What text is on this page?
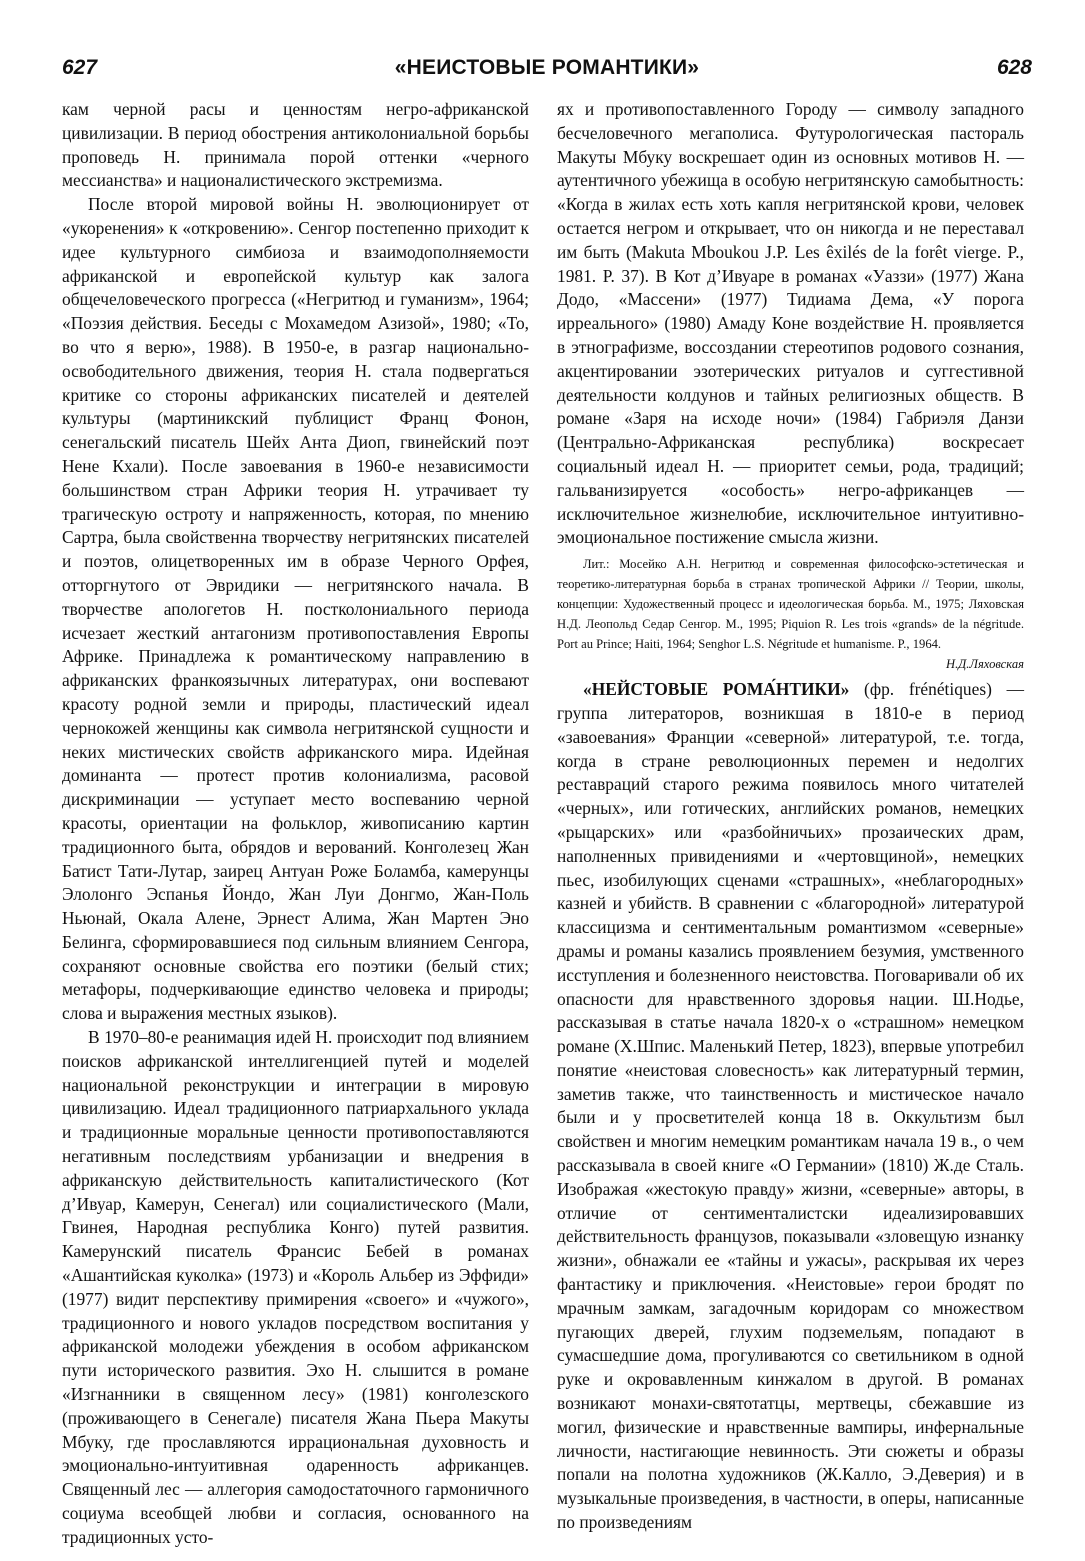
627	«НЕИСТОВЫЕ РОМАНТИКИ»	628

кам черной расы и ценностям негро-африканской цивилизации. В период обострения антиколониальной борьбы проповедь Н. принимала порой оттенки «черного мессианства» и националистического экстремизма.

После второй мировой войны Н. эволюционирует от «укоренения» к «откровению». Сенгор постепенно приходит к идее культурного симбиоза и взаимодополняемости африканской и европейской культур как залога общечеловеческого прогресса («Негритюд и гуманизм», 1964; «Поэзия действия. Беседы с Мохамедом Азизой», 1980; «То, во что я верю», 1988). В 1950-е, в разгар национально-освободительного движения, теория Н. стала подвергаться критике со стороны африканских писателей и деятелей культуры (мартиникский публицист Франц Фонон, сенегальский писатель Шейх Анта Диоп, гвинейский поэт Нене Кхали). После завоевания в 1960-е независимости большинством стран Африки теория Н. утрачивает ту трагическую остроту и напряженность, которая, по мнению Сартра, была свойственна творчеству негритянских писателей и поэтов, олицетворенных им в образе Черного Орфея, отторгнутого от Эвридики — негритянского начала. В творчестве апологетов Н. постколониального периода исчезает жесткий антагонизм противопоставления Европы Африке. Принадлежа к романтическому направлению в африканских франкоязычных литературах, они воспевают красоту родной земли и природы, пластический идеал чернокожей женщины как символа негритянской сущности и неких мистических свойств африканского мира. Идейная доминанта — протест против колониализма, расовой дискриминации — уступает место воспеванию черной красоты, ориентации на фольклор, живописанию картин традиционного быта, обрядов и верований. Конголезец Жан Батист Тати-Лутар, заирец Антуан Роже Боламба, камерунцы Элолонго Эспанья Йондо, Жан Луи Донгмо, Жан-Поль Ньюнай, Окала Алене, Эрнест Алима, Жан Мартен Эно Белинга, сформировавшиеся под сильным влиянием Сенгора, сохраняют основные свойства его поэтики (белый стих; метафоры, подчеркивающие единство человека и природы; слова и выражения местных языков).

В 1970–80-е реанимация идей Н. происходит под влиянием поисков африканской интеллигенцией путей и моделей национальной реконструкции и интеграции в мировую цивилизацию. Идеал традиционного патриархального уклада и традиционные моральные ценности противопоставляются негативным последствиям урбанизации и внедрения в африканскую действительность капиталистического (Кот д’Ивуар, Камерун, Сенегал) или социалистического (Мали, Гвинея, Народная республика Конго) путей развития. Камерунский писатель Франсис Бебей в романах «Ашантийская куколка» (1973) и «Король Альбер из Эффиди» (1977) видит перспективу примирения «своего» и «чужого», традиционного и нового укладов посредством воспитания у африканской молодежи убеждения в особом африканском пути исторического развития. Эхо Н. слышится в романе «Изгнанники в священном лесу» (1981) конголезского (проживающего в Сенегале) писателя Жана Пьера Макуты Мбуку, где прославляются иррациональная духовность и эмоционально-интуитивная одаренность африканцев. Священный лес — аллегория самодостаточного гармоничного социума всеобщей любви и согласия, основанного на традиционных усто-

ях и противопоставленного Городу — символу западного бесчеловечного мегаполиса. Футурологическая пастораль Макуты Мбуку воскрешает один из основных мотивов Н. — аутентичного убежища в особую негритянскую самобытность: «Когда в жилах есть хоть капля негритянской крови, человек остается негром и открывает, что он никогда и не переставал им быть (Makuta Mboukou J.P. Les êxilés de la forêt vierge. P., 1981. P. 37). В Кот д’Ивуаре в романах «Уаззи» (1977) Жана Додо, «Массени» (1977) Тидиама Дема, «У порога ирреального» (1980) Амаду Коне воздействие Н. проявляется в этнографизме, воссоздании стереотипов родового сознания, акцентировании эзотерических ритуалов и суггестивной деятельности колдунов и тайных религиозных обществ. В романе «Заря на исходе ночи» (1984) Габриэля Данзи (Центрально-Африканская республика) воскресает социальный идеал Н. — приоритет семьи, рода, традиций; гальванизируется «особость» негро-африканцев — исключительное жизнелюбие, исключительное интуитивно-эмоциональное постижение смысла жизни.

Лит.: Мосейко А.Н. Негритюд и современная философско-эстетическая и теоретико-литературная борьба в странах тропической Африки // Теории, школы, концепции: Художественный процесс и идеологическая борьба. М., 1975; Ляховская Н.Д. Леопольд Седар Сенгор. М., 1995; Piquion R. Les trois «grands» de la négritude. Port au Prince; Haiti, 1964; Senghor L.S. Négritude et humanisme. P., 1964.
Н.Д.Ляховская

«НЕЙСТОВЫЕ РОМА́НТИКИ» (фр. frénétiques) — группа литераторов, возникшая в 1810-е в период «завоевания» Франции «северной» литературой, т.е. тогда, когда в стране революционных перемен и недолгих реставраций старого режима появилось много читателей «черных», или готических, английских романов, немецких «рыцарских» или «разбойничьих» прозаических драм, наполненных привидениями и «чертовщиной», немецких пьес, изобилующих сценами «страшных», «неблагородных» казней и убийств. В сравнении с «благородной» литературой классицизма и сентиментальным романтизмом «северные» драмы и романы казались проявлением безумия, умственного исступления и болезненного неистовства. Поговаривали об их опасности для нравственного здоровья нации. Ш.Нодье, рассказывая в статье начала 1820-х о «страшном» немецком романе (Х.Шпис. Маленький Петер, 1823), впервые употребил понятие «неистовая словесность» как литературный термин, заметив также, что таинственность и мистическое начало были и у просветителей конца 18 в. Оккультизм был свойствен и многим немецким романтикам начала 19 в., о чем рассказывала в своей книге «О Германии» (1810) Ж.де Сталь. Изображая «жестокую правду» жизни, «северные» авторы, в отличие от сентименталистски идеализировавших действительность французов, показывали «зловещую изнанку жизни», обнажали ее «тайны и ужасы», раскрывая их через фантастику и приключения. «Неистовые» герои бродят по мрачным замкам, загадочным коридорам со множеством пугающих дверей, глухим подземельям, попадают в сумасшедшие дома, прогуливаются со светильником в одной руке и окровавленным кинжалом в другой. В романах возникают монахи-святотатцы, мертвецы, сбежавшие из могил, физические и нравственные вампиры, инфернальные личности, настигающие невинность. Эти сюжеты и образы попали на полотна художников (Ж.Калло, Э.Деверия) и в музыкальные произведения, в частности, в оперы, написанные по произведениям
